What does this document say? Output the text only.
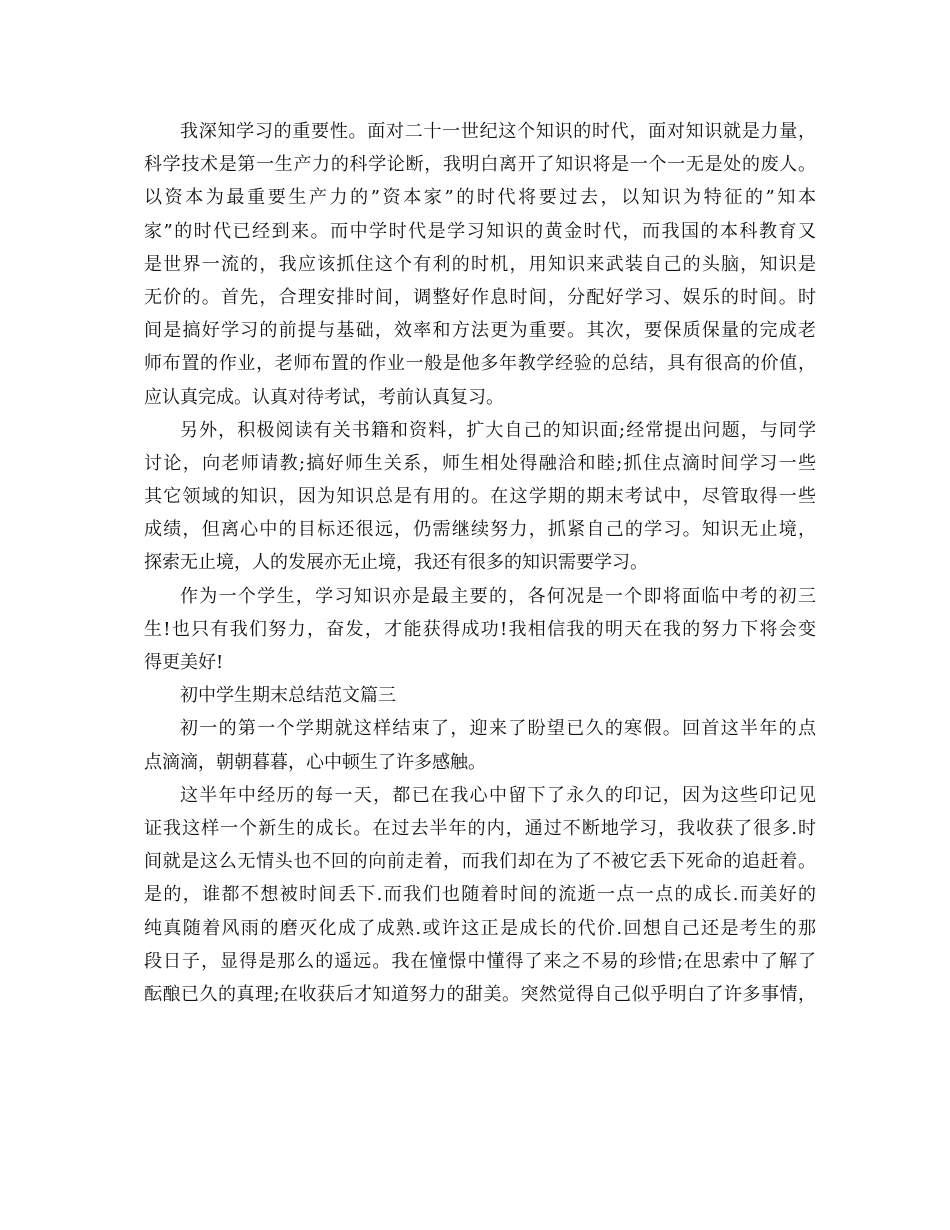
我深知学习的重要性。面对二十一世纪这个知识的时代，面对知识就是力量，
科学技术是第一生产力的科学论断，我明白离开了知识将是一个一无是处的废人。
以资本为最重要生产力的”资本家”的时代将要过去，以知识为特征的”知本
家”的时代已经到来。而中学时代是学习知识的黄金时代，而我国的本科教育又
是世界一流的，我应该抓住这个有利的时机，用知识来武装自己的头脑，知识是
无价的。首先，合理安排时间，调整好作息时间，分配好学习、娱乐的时间。时
间是搞好学习的前提与基础，效率和方法更为重要。其次，要保质保量的完成老
师布置的作业，老师布置的作业一般是他多年教学经验的总结，具有很高的价值，
应认真完成。认真对待考试，考前认真复习。
另外，积极阅读有关书籍和资料，扩大自己的知识面;经常提出问题，与同学
讨论，向老师请教;搞好师生关系，师生相处得融洽和睦;抓住点滴时间学习一些
其它领域的知识，因为知识总是有用的。在这学期的期末考试中，尽管取得一些
成绩，但离心中的目标还很远，仍需继续努力，抓紧自己的学习。知识无止境，
探索无止境，人的发展亦无止境，我还有很多的知识需要学习。
作为一个学生，学习知识亦是最主要的，各何况是一个即将面临中考的初三
生!也只有我们努力，奋发，才能获得成功!我相信我的明天在我的努力下将会变
得更美好!
初中学生期末总结范文篇三
初一的第一个学期就这样结束了，迎来了盼望已久的寒假。回首这半年的点
点滴滴，朝朝暮暮，心中顿生了许多感触。
这半年中经历的每一天，都已在我心中留下了永久的印记，因为这些印记见
证我这样一个新生的成长。在过去半年的内，通过不断地学习，我收获了很多.时
间就是这么无情头也不回的向前走着，而我们却在为了不被它丢下死命的追赶着。
是的，谁都不想被时间丢下.而我们也随着时间的流逝一点一点的成长.而美好的
纯真随着风雨的磨灭化成了成熟.或许这正是成长的代价.回想自己还是考生的那
段日子，显得是那么的遥远。我在憧憬中懂得了来之不易的珍惜;在思索中了解了
酝酿已久的真理;在收获后才知道努力的甜美。突然觉得自己似乎明白了许多事情，
